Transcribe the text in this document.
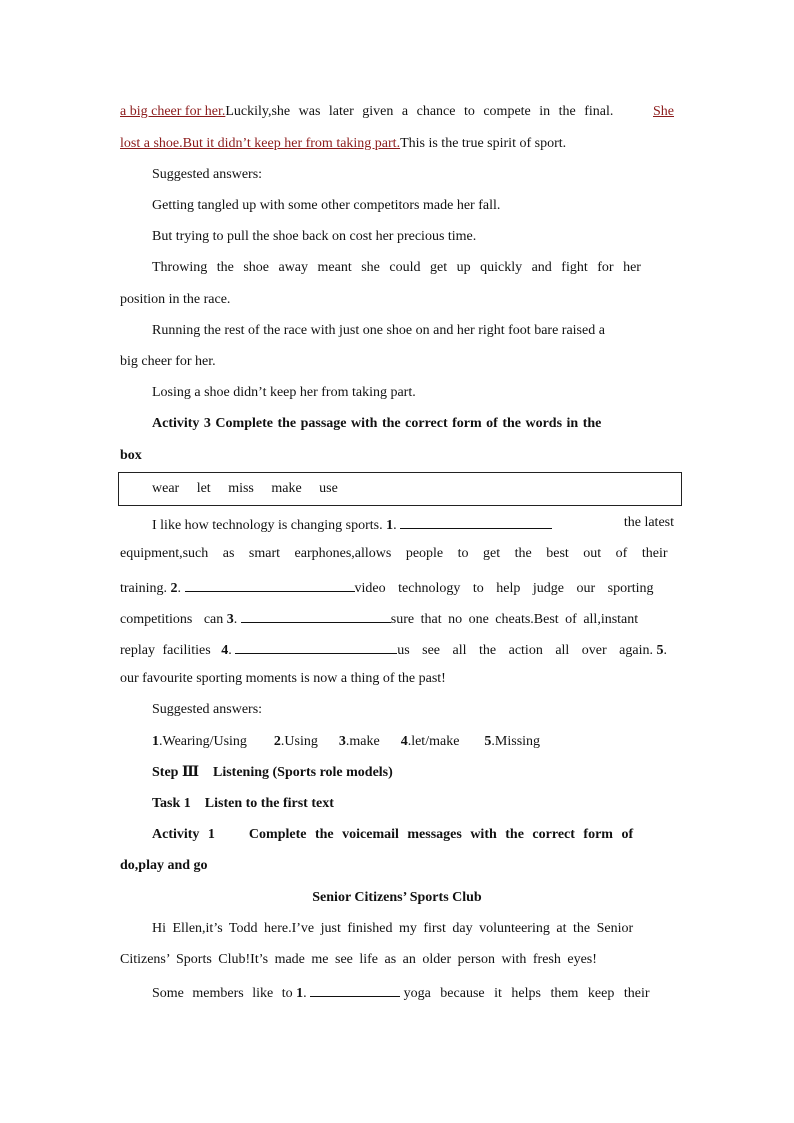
a big cheer for her.Luckily,she was later given a chance to compete in the final.	She
lost a shoe.But it didn’t keep her from taking part.This is the true spirit of sport.
Suggested answers:
Getting tangled up with some other competitors made her fall.
But trying to pull the shoe back on cost her precious time.
Throwing the shoe away meant she could get up quickly and fight for her
position in the race.
Running the rest of the race with just one shoe on and her right foot bare raised a
big cheer for her.
Losing a shoe didn’t keep her from taking part.
Activity 3 Complete the passage with the correct form of the words in the
box
wear let miss make use
I like how technology is changing sports. 1.	the latest
equipment,such as smart earphones,allows people to get the best out of their
training. 2.	video technology to help judge our sporting
competitions can 3.	sure that no one cheats.Best of all,instant
replay facilities 4.	us see all the action all over again. 5.
our favourite sporting moments is now a thing of the past!
Suggested answers:
1.Wearing/Using 2.Using 3.make 4.let/make 5.Missing
Step Ⅲ    Listening (Sports role models)
Task 1    Listen to the first text
Activity 1    Complete the voicemail messages with the correct form of
do,play and go
Senior Citizens’ Sports Club
Hi Ellen,it’s Todd here.I’ve just finished my first day volunteering at the Senior
Citizens’ Sports Club!It’s made me see life as an older person with fresh eyes!
Some members like to 1.	yoga because it helps them keep their
